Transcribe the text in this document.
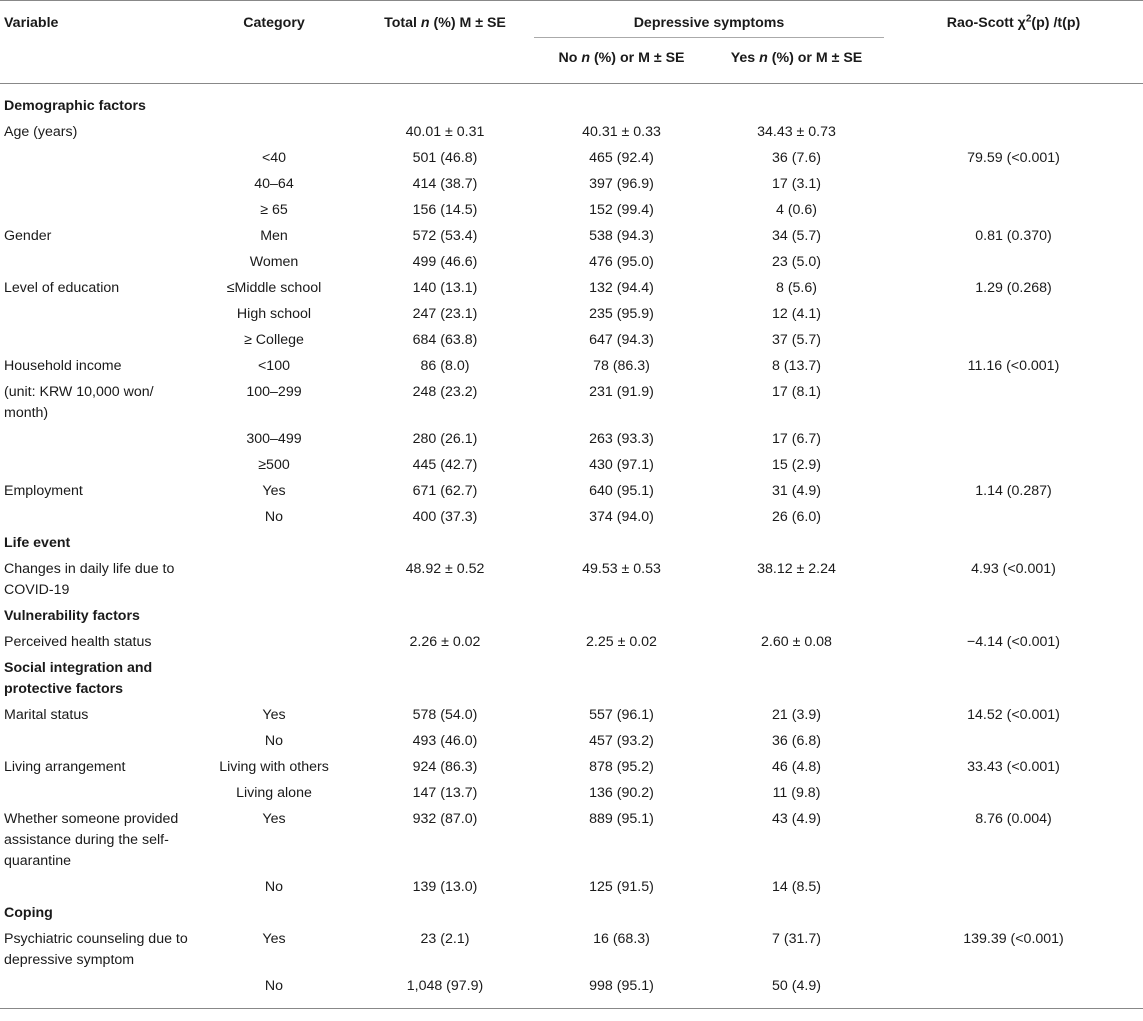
Variable	Category	Total n (%) M ± SE	Depressive symptoms		Rao-Scott $\chi^2(p)$ /t(p)
			No n (%) or M ± SE	Yes n (%) or M ± SE	
Demographic factors					
Age (years)		40.01 ± 0.31	40.31 ± 0.33	34.43 ± 0.73	
	<40	501 (46.8)	465 (92.4)	36 (7.6)	79.59 (<0.001)
	40–64	414 (38.7)	397 (96.9)	17 (3.1)	
	≥ 65	156 (14.5)	152 (99.4)	4 (0.6)	
Gender	Men	572 (53.4)	538 (94.3)	34 (5.7)	0.81 (0.370)
	Women	499 (46.6)	476 (95.0)	23 (5.0)	
Level of education	≤Middle school	140 (13.1)	132 (94.4)	8 (5.6)	1.29 (0.268)
	High school	247 (23.1)	235 (95.9)	12 (4.1)	
	≥ College	684 (63.8)	647 (94.3)	37 (5.7)	
Household income	<100	86 (8.0)	78 (86.3)	8 (13.7)	11.16 (<0.001)
(unit: KRW 10,000 won/ month)	100–299	248 (23.2)	231 (91.9)	17 (8.1)	
	300–499	280 (26.1)	263 (93.3)	17 (6.7)	
	≥500	445 (42.7)	430 (97.1)	15 (2.9)	
Employment	Yes	671 (62.7)	640 (95.1)	31 (4.9)	1.14 (0.287)
	No	400 (37.3)	374 (94.0)	26 (6.0)	
Life event					
Changes in daily life due to COVID-19		48.92 ± 0.52	49.53 ± 0.53	38.12 ± 2.24	4.93 (<0.001)
Vulnerability factors					
Perceived health status		2.26 ± 0.02	2.25 ± 0.02	2.60 ± 0.08	−4.14 (<0.001)
Social integration and protective factors					
Marital status	Yes	578 (54.0)	557 (96.1)	21 (3.9)	14.52 (<0.001)
	No	493 (46.0)	457 (93.2)	36 (6.8)	
Living arrangement	Living with others	924 (86.3)	878 (95.2)	46 (4.8)	33.43 (<0.001)
	Living alone	147 (13.7)	136 (90.2)	11 (9.8)	
Whether someone provided assistance during the self-quarantine	Yes	932 (87.0)	889 (95.1)	43 (4.9)	8.76 (0.004)
	No	139 (13.0)	125 (91.5)	14 (8.5)	
Coping					
Psychiatric counseling due to depressive symptom	Yes	23 (2.1)	16 (68.3)	7 (31.7)	139.39 (<0.001)
	No	1,048 (97.9)	998 (95.1)	50 (4.9)	
